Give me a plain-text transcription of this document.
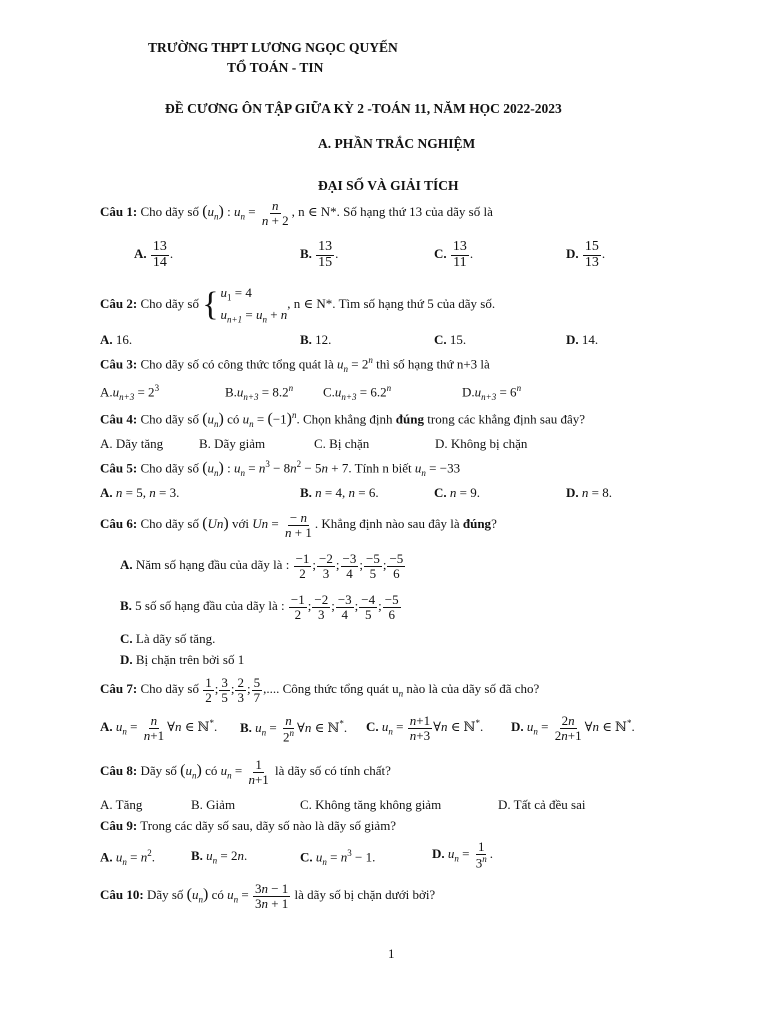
TRƯỜNG THPT LƯƠNG NGỌC QUYẾN
TỔ TOÁN - TIN
ĐỀ CƯƠNG ÔN TẬP GIỮA KỲ 2 -TOÁN 11, NĂM HỌC 2022-2023
A. PHẦN TRẮC NGHIỆM
ĐẠI SỐ VÀ GIẢI TÍCH
Câu 1: Cho dãy số $(u_n)$ : $u_n = \frac{n}{n + 2}$ , n ∈ N*. Số hạng thứ 13 của dãy số là
A. $\frac{13}{14}$ .	B. $\frac{13}{15}$ .	C. $\frac{13}{11}$ .	D. $\frac{15}{13}$ .
Câu 2: Cho dãy số { $u_1 = 4$
$u_{n+1} = u_n + n$
, n ∈ N*. Tìm số hạng thứ 5 của dãy số.
A. 16.	B. 12.	C. 15.	D. 14.
Câu 3: Cho dãy số có công thức tổng quát là $u_n = 2^n$ thì số hạng thứ n+3 là
$A.u_{n+3} = 2^3$	$B.u_{n+3} = 8.2^n$ $C.u_{n+3} = 6.2^n$	$D.u_{n+3} = 6^n$
Câu 4: Cho dãy số $(u_n)$ có $u_n = (-1)^n$. Chọn khẳng định đúng trong các khẳng định sau đây?
A. Dãy tăng	B. Dãy giảm	C. Bị chặn	D. Không bị chặn
Câu 5: Cho dãy số $(u_n)$ : $u_n = n^3 - 8n^2 - 5n + 7$. Tính n biết $u_n = -33$
A. n = 5, n = 3.	B. n = 4, n = 6.	C. n = 9.	D. n = 8.
Câu 6: Cho dãy số (Un) với $Un = \frac{- n}{n + 1}$ . Khẳng định nào sau đây là đúng?
A. Năm số hạng đầu của dãy là : $\frac{-1}{2}$ ; $\frac{-2}{3}$ ; $\frac{-3}{4}$ ; $\frac{-5}{5}$ ; $\frac{-5}{6}$
B. 5 số số hạng đầu của dãy là : $\frac{-1}{2}$ ; $\frac{-2}{3}$ ; $\frac{-3}{4}$ ; $\frac{-4}{5}$ ; $\frac{-5}{6}$
C. Là dãy số tăng.
D. Bị chặn trên bởi số 1
Câu 7: Cho dãy số $\frac{1}{2}$ ; $\frac{3}{5}$ ; $\frac{2}{3}$ ; $\frac{5}{7}$ ,.... Công thức tổng quát $u_n$ nào là của dãy số đã cho?
A. $u_n = \frac{n}{n+1}$ ∀n ∈ ℕ*. B. $u_n = \frac{n}{2^n}$ ∀n ∈ ℕ*. C. $u_n = \frac{n+1}{n+3}$ ∀n ∈ ℕ*. D. $u_n = \frac{2n}{2n+1}$ ∀n ∈ ℕ*.
Câu 8: Dãy số $(u_n)$ có $u_n = \frac{1}{n+1}$ là dãy số có tính chất?
A. Tăng	B. Giảm	C. Không tăng không giảm	D. Tất cả đều sai
Câu 9: Trong các dãy số sau, dãy số nào là dãy số giảm?
A. $u_n = n^2$.	B. $u_n = 2n$.	C. $u_n = n^3 - 1$.	D. $u_n = \frac{1}{3^n}$ .
Câu 10: Dãy số $(u_n)$ có $u_n = \frac{3n - 1}{3n + 1}$ là dãy số bị chặn dưới bởi?
1
